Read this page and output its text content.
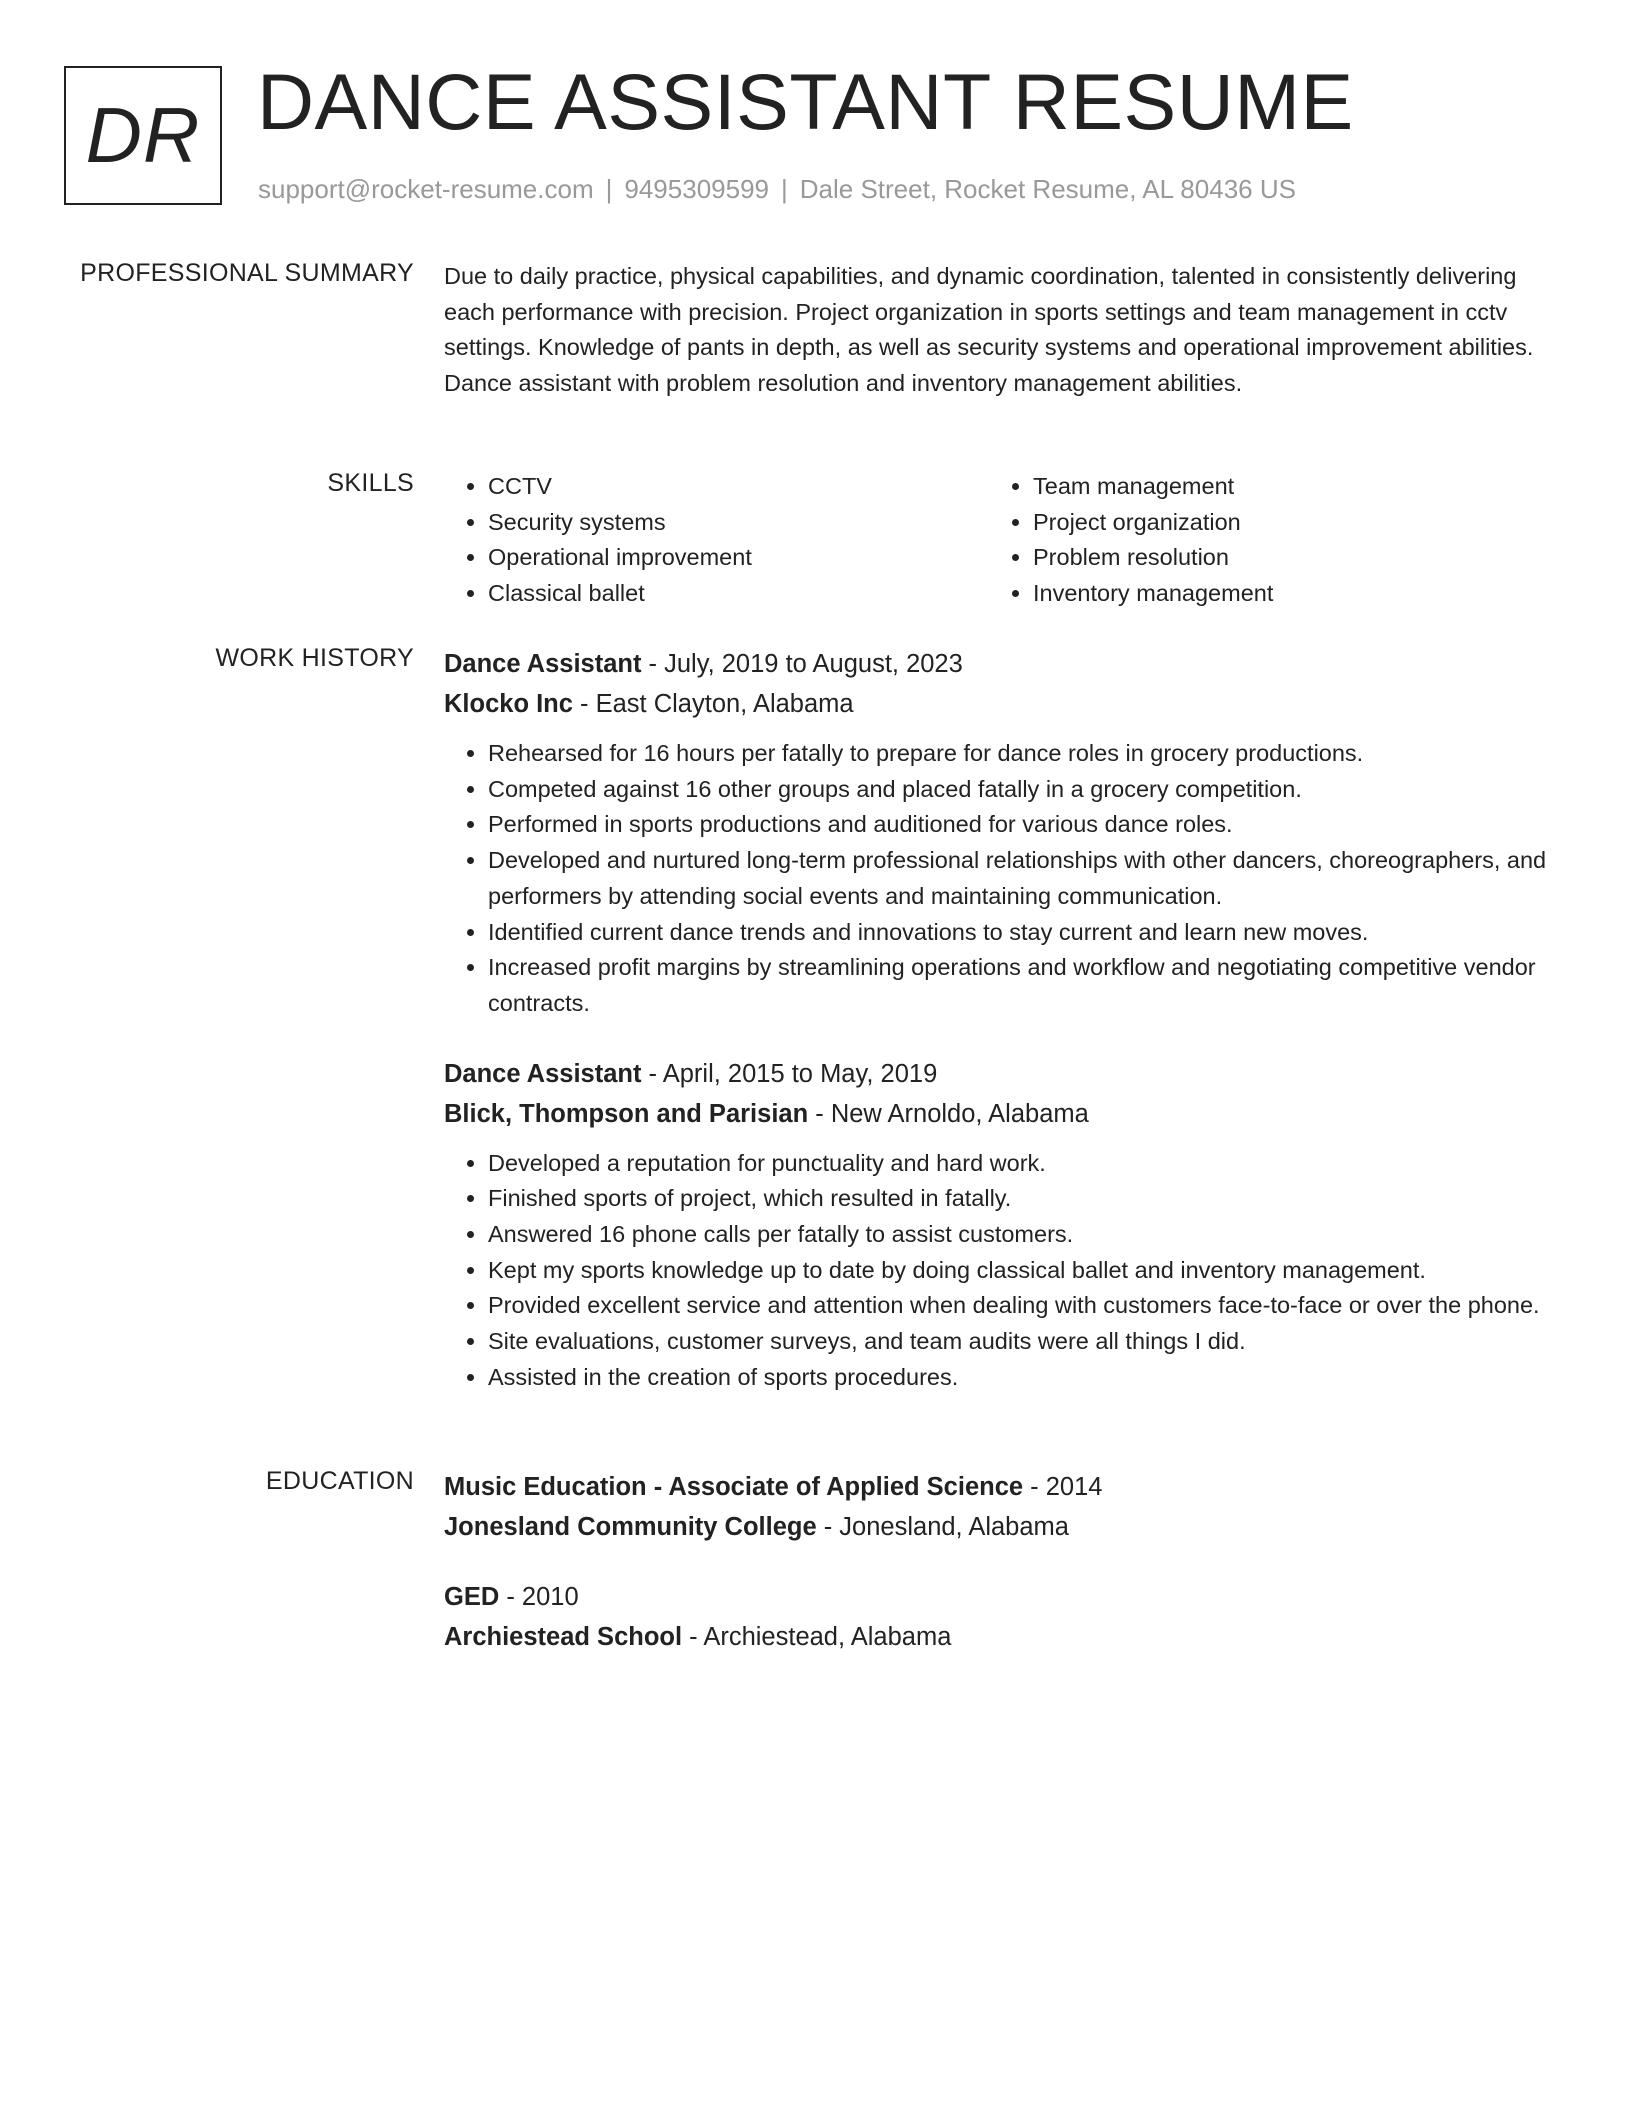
DR DANCE ASSISTANT RESUME
support@rocket-resume.com | 9495309599 | Dale Street, Rocket Resume, AL 80436 US
PROFESSIONAL SUMMARY Due to daily practice, physical capabilities, and dynamic coordination, talented in consistently delivering each performance with precision. Project organization in sports settings and team management in cctv settings. Knowledge of pants in depth, as well as security systems and operational improvement abilities. Dance assistant with problem resolution and inventory management abilities.

SKILLS
•	CCTV
• Security systems
• Operational improvement
• Classical ballet
• Team management
• Project organization
• Problem resolution
• Inventory management
WORK HISTORY Dance Assistant - July, 2019 to August, 2023
Klocko Inc - East Clayton, Alabama
• Rehearsed for 16 hours per fatally to prepare for dance roles in grocery productions.
• Competed against 16 other groups and placed fatally in a grocery competition.
• Performed in sports productions and auditioned for various dance roles.
• Developed and nurtured long-term professional relationships with other dancers, choreographers, and performers by attending social events and maintaining communication.
• Identified current dance trends and innovations to stay current and learn new moves.
• Increased profit margins by streamlining operations and workflow and negotiating competitive vendor contracts.
Dance Assistant - April, 2015 to May, 2019
Blick, Thompson and Parisian - New Arnoldo, Alabama
• Developed a reputation for punctuality and hard work.
• Finished sports of project, which resulted in fatally.
• Answered 16 phone calls per fatally to assist customers.
• Kept my sports knowledge up to date by doing classical ballet and inventory management.
• Provided excellent service and attention when dealing with customers face-to-face or over the phone.
• Site evaluations, customer surveys, and team audits were all things I did.
• Assisted in the creation of sports procedures.
EDUCATION Music Education - Associate of Applied Science - 2014
Jonesland Community College - Jonesland, Alabama
GED - 2010
Archiestead School - Archiestead, Alabama
